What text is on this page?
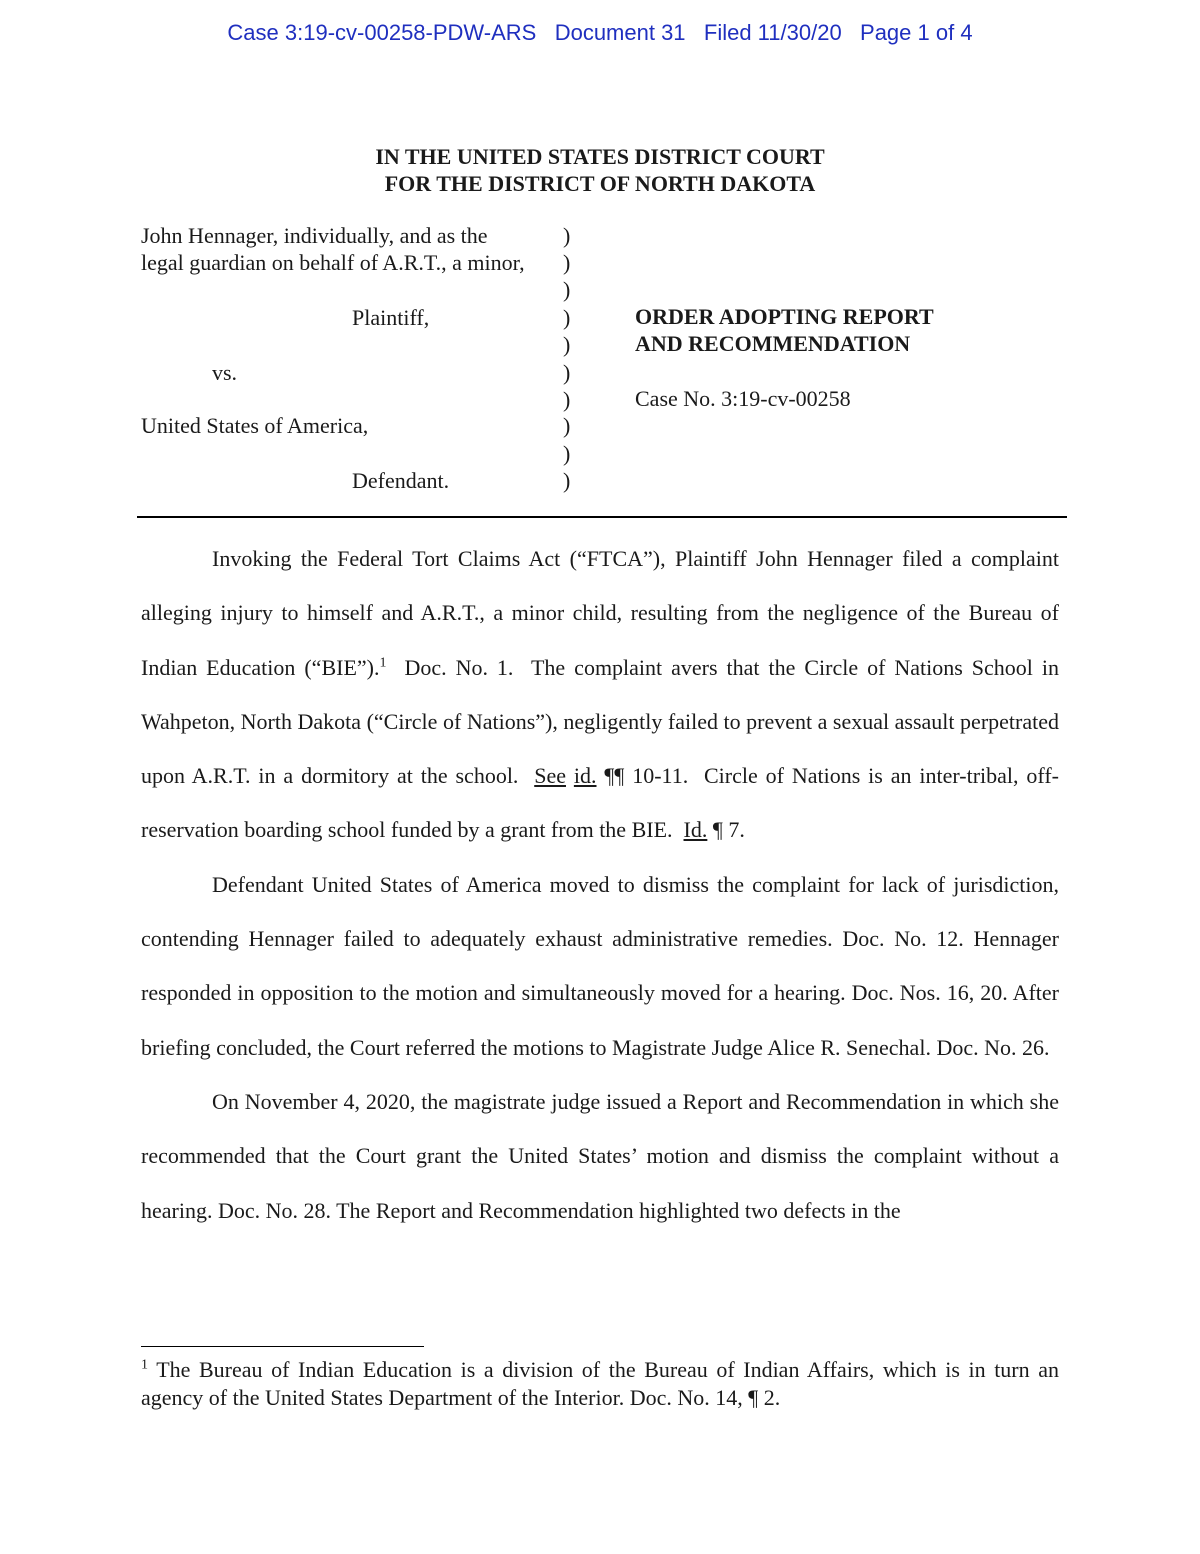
Case 3:19-cv-00258-PDW-ARS   Document 31   Filed 11/30/20   Page 1 of 4
IN THE UNITED STATES DISTRICT COURT
FOR THE DISTRICT OF NORTH DAKOTA
John Hennager, individually, and as the
legal guardian on behalf of A.R.T., a minor,
Plaintiff,
vs.
United States of America,
Defendant.
)
)
)
)
)
)
)
)
)
)
ORDER ADOPTING REPORT
AND RECOMMENDATION
Case No. 3:19-cv-00258

Invoking the Federal Tort Claims Act (“FTCA”), Plaintiff John Hennager filed a complaint alleging injury to himself and A.R.T., a minor child, resulting from the negligence of the Bureau of Indian Education (“BIE”).$^1$  Doc. No. 1.  The complaint avers that the Circle of Nations School in Wahpeton, North Dakota (“Circle of Nations”), negligently failed to prevent a sexual assault perpetrated upon A.R.T. in a dormitory at the school.  See id. ¶¶ 10-11.  Circle of Nations is an inter-tribal, off-reservation boarding school funded by a grant from the BIE.  Id. ¶ 7.

Defendant United States of America moved to dismiss the complaint for lack of jurisdiction, contending Hennager failed to adequately exhaust administrative remedies. Doc. No. 12. Hennager responded in opposition to the motion and simultaneously moved for a hearing. Doc. Nos. 16, 20. After briefing concluded, the Court referred the motions to Magistrate Judge Alice R. Senechal. Doc. No. 26.

On November 4, 2020, the magistrate judge issued a Report and Recommendation in which she recommended that the Court grant the United States’ motion and dismiss the complaint without a hearing. Doc. No. 28. The Report and Recommendation highlighted two defects in the

$^1$ The Bureau of Indian Education is a division of the Bureau of Indian Affairs, which is in turn an agency of the United States Department of the Interior. Doc. No. 14, ¶ 2.
